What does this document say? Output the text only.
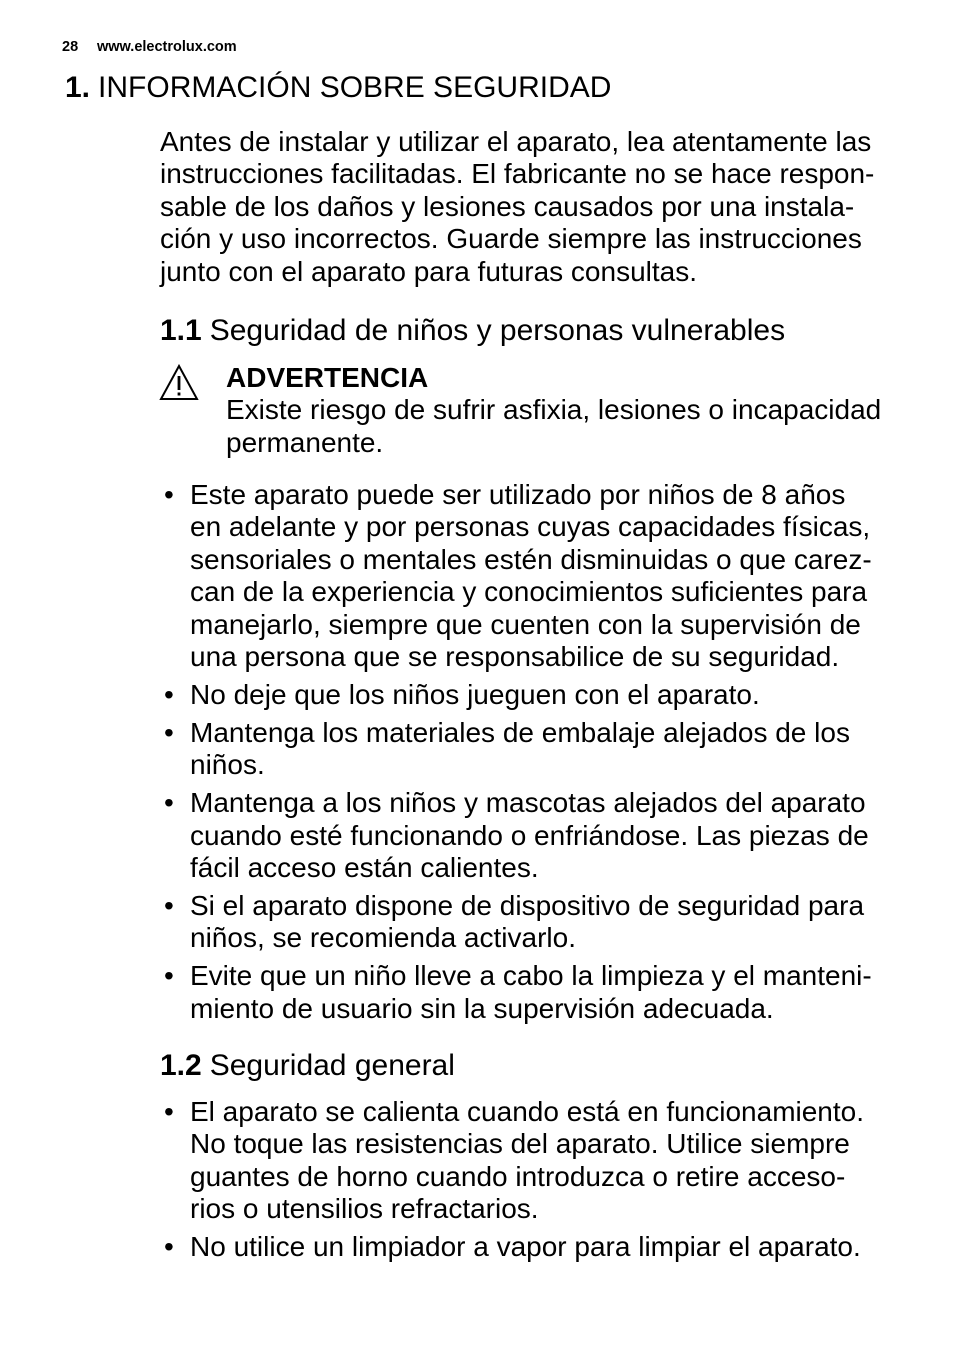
28 www.electrolux.com
1. INFORMACIÓN SOBRE SEGURIDAD
Antes de instalar y utilizar el aparato, lea atentamente las
instrucciones facilitadas. El fabricante no se hace respon-
sable de los daños y lesiones causados por una instala-
ción y uso incorrectos. Guarde siempre las instrucciones
junto con el aparato para futuras consultas.
1.1 Seguridad de niños y personas vulnerables
ADVERTENCIA
Existe riesgo de sufrir asfixia, lesiones o incapacidad
permanente.
• Este aparato puede ser utilizado por niños de 8 años
en adelante y por personas cuyas capacidades físicas,
sensoriales o mentales estén disminuidas o que carez-
can de la experiencia y conocimientos suficientes para
manejarlo, siempre que cuenten con la supervisión de
una persona que se responsabilice de su seguridad.
• No deje que los niños jueguen con el aparato.
• Mantenga los materiales de embalaje alejados de los
niños.
• Mantenga a los niños y mascotas alejados del aparato
cuando esté funcionando o enfriándose. Las piezas de
fácil acceso están calientes.
• Si el aparato dispone de dispositivo de seguridad para
niños, se recomienda activarlo.
• Evite que un niño lleve a cabo la limpieza y el manteni-
miento de usuario sin la supervisión adecuada.
1.2 Seguridad general
• El aparato se calienta cuando está en funcionamiento.
No toque las resistencias del aparato. Utilice siempre
guantes de horno cuando introduzca o retire acceso-
rios o utensilios refractarios.
• No utilice un limpiador a vapor para limpiar el aparato.
